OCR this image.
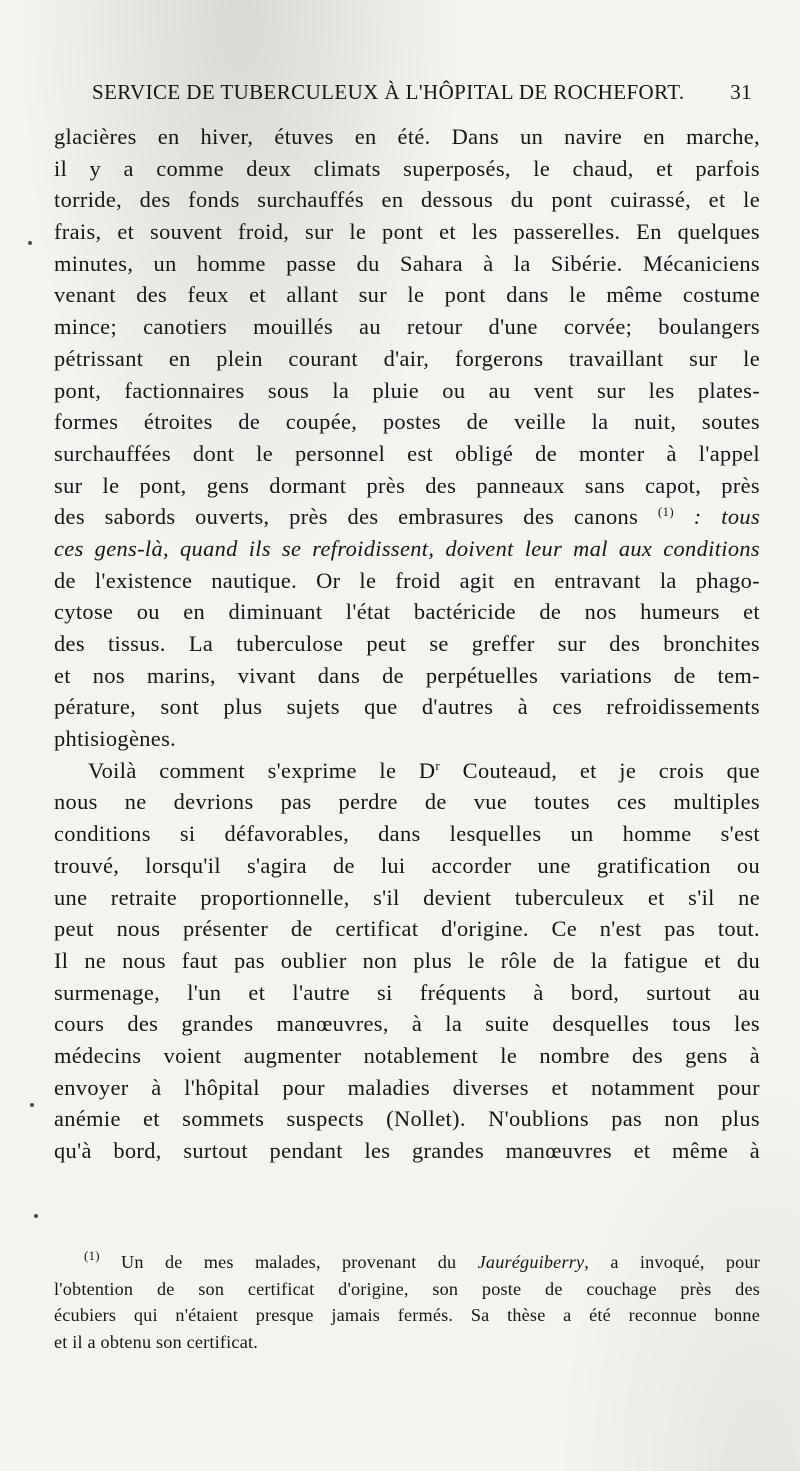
SERVICE DE TUBERCULEUX À L'HÔPITAL DE ROCHEFORT. 31
glacières en hiver, étuves en été. Dans un navire en marche,
il y a comme deux climats superposés, le chaud, et parfois
torride, des fonds surchauffés en dessous du pont cuirassé, et le
frais, et souvent froid, sur le pont et les passerelles. En quelques
minutes, un homme passe du Sahara à la Sibérie. Mécaniciens
venant des feux et allant sur le pont dans le même costume
mince; canotiers mouillés au retour d'une corvée; boulangers
pétrissant en plein courant d'air, forgerons travaillant sur le
pont, factionnaires sous la pluie ou au vent sur les plates-
formes étroites de coupée, postes de veille la nuit, soutes
surchauffées dont le personnel est obligé de monter à l'appel
sur le pont, gens dormant près des panneaux sans capot, près
des sabords ouverts, près des embrasures des canons $^{(1)}$ : tous
ces gens-là, quand ils se refroidissent, doivent leur mal aux conditions
de l'existence nautique. Or le froid agit en entravant la phago-
cytose ou en diminuant l'état bactéricide de nos humeurs et
des tissus. La tuberculose peut se greffer sur des bronchites
et nos marins, vivant dans de perpétuelles variations de tem-
pérature, sont plus sujets que d'autres à ces refroidissements
phtisiogènes.
Voilà comment s'exprime le $D^r$ Couteaud, et je crois que
nous ne devrions pas perdre de vue toutes ces multiples
conditions si défavorables, dans lesquelles un homme s'est
trouvé, lorsqu'il s'agira de lui accorder une gratification ou
une retraite proportionnelle, s'il devient tuberculeux et s'il ne
peut nous présenter de certificat d'origine. Ce n'est pas tout.
Il ne nous faut pas oublier non plus le rôle de la fatigue et du
surmenage, l'un et l'autre si fréquents à bord, surtout au
cours des grandes manœuvres, à la suite desquelles tous les
médecins voient augmenter notablement le nombre des gens à
envoyer à l'hôpital pour maladies diverses et notamment pour
anémie et sommets suspects (Nollet). N'oublions pas non plus
qu'à bord, surtout pendant les grandes manœuvres et même à
$^{(1)}$ Un de mes malades, provenant du Jauréguiberry, a invoqué, pour
l'obtention de son certificat d'origine, son poste de couchage près des
écubiers qui n'étaient presque jamais fermés. Sa thèse a été reconnue bonne
et il a obtenu son certificat.
